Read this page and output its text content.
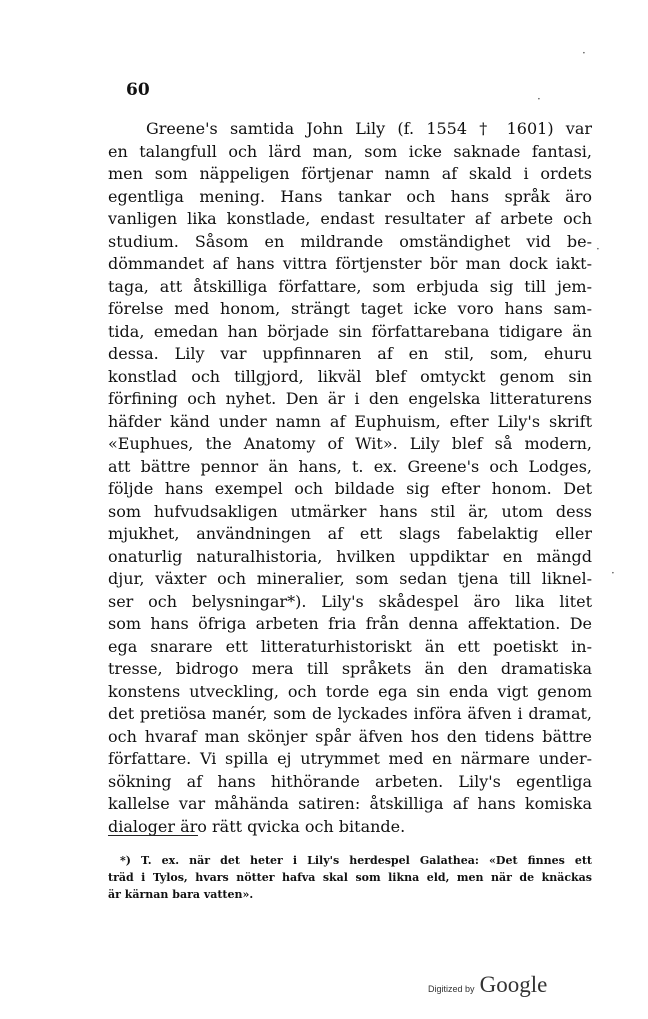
60
Greene's samtida John Lily (f. 1554 † 1601) var
en talangfull och lärd man, som icke saknade fantasi,
men som näppeligen förtjenar namn af skald i ordets
egentliga mening. Hans tankar och hans språk äro
vanligen lika konstlade, endast resultater af arbete och
studium. Såsom en mildrande omständighet vid be-
dömmandet af hans vittra förtjenster bör man dock iakt-
taga, att åtskilliga författare, som erbjuda sig till jem-
förelse med honom, strängt taget icke voro hans sam-
tida, emedan han började sin författarebana tidigare än
dessa. Lily var uppfinnaren af en stil, som, ehuru
konstlad och tillgjord, likväl blef omtyckt genom sin
förfining och nyhet. Den är i den engelska litteraturens
häfder känd under namn af Euphuism, efter Lily's skrift
«Euphues, the Anatomy of Wit». Lily blef så modern,
att bättre pennor än hans, t. ex. Greene's och Lodges,
följde hans exempel och bildade sig efter honom. Det
som hufvudsakligen utmärker hans stil är, utom dess
mjukhet, användningen af ett slags fabelaktig eller
onaturlig naturalhistoria, hvilken uppdiktar en mängd
djur, växter och mineralier, som sedan tjena till liknel-
ser och belysningar*). Lily's skådespel äro lika litet
som hans öfriga arbeten fria från denna affektation. De
ega snarare ett litteraturhistoriskt än ett poetiskt in-
tresse, bidrogo mera till språkets än den dramatiska
konstens utveckling, och torde ega sin enda vigt genom
det pretiösa manér, som de lyckades införa äfven i dramat,
och hvaraf man skönjer spår äfven hos den tidens bättre
författare. Vi spilla ej utrymmet med en närmare under-
sökning af hans hithörande arbeten. Lily's egentliga
kallelse var måhända satiren: åtskilliga af hans komiska
dialoger äro rätt qvicka och bitande.
*) T. ex. när det heter i Lily's herdespel Galathea: «Det finnes ett
träd i Tylos, hvars nötter hafva skal som likna eld, men när de knäckas
är kärnan bara vatten».
·
·
·
·
Digitized by Google
